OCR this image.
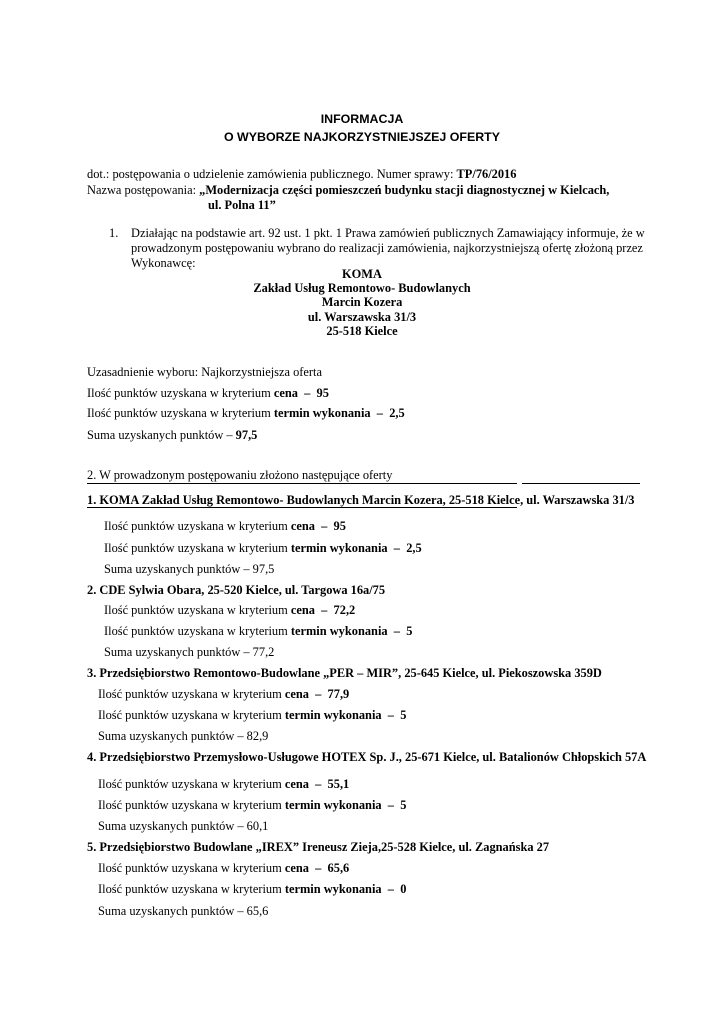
INFORMACJA
O WYBORZE NAJKORZYSTNIEJSZEJ OFERTY
dot.: postępowania o udzielenie zamówienia publicznego. Numer sprawy: TP/76/2016
Nazwa postępowania: „Modernizacja części pomieszczeń budynku stacji diagnostycznej w Kielcach,
ul. Polna 11”
1. Działając na podstawie art. 92 ust. 1 pkt. 1 Prawa zamówień publicznych Zamawiający informuje, że w
prowadzonym postępowaniu wybrano do realizacji zamówienia, najkorzystniejszą ofertę złożoną przez
Wykonawcę:
KOMA
Zakład Usług Remontowo- Budowlanych
Marcin Kozera
ul. Warszawska 31/3
25-518 Kielce
Uzasadnienie wyboru: Najkorzystniejsza oferta
Ilość punktów uzyskana w kryterium cena  –  95
Ilość punktów uzyskana w kryterium termin wykonania  –  2,5
Suma uzyskanych punktów – 97,5
2. W prowadzonym postępowaniu złożono następujące oferty
1. KOMA Zakład Usług Remontowo- Budowlanych Marcin Kozera, 25-518 Kielce, ul. Warszawska 31/3
Ilość punktów uzyskana w kryterium cena  –  95
Ilość punktów uzyskana w kryterium termin wykonania  –  2,5
Suma uzyskanych punktów – 97,5
2. CDE Sylwia Obara, 25-520 Kielce, ul. Targowa 16a/75
Ilość punktów uzyskana w kryterium cena  –  72,2
Ilość punktów uzyskana w kryterium termin wykonania  –  5
Suma uzyskanych punktów – 77,2
3. Przedsiębiorstwo Remontowo-Budowlane „PER – MIR”, 25-645 Kielce, ul. Piekoszowska 359D
Ilość punktów uzyskana w kryterium cena  –  77,9
Ilość punktów uzyskana w kryterium termin wykonania  –  5
Suma uzyskanych punktów – 82,9
4. Przedsiębiorstwo Przemysłowo-Usługowe HOTEX Sp. J., 25-671 Kielce, ul. Batalionów Chłopskich 57A
Ilość punktów uzyskana w kryterium cena  –  55,1
Ilość punktów uzyskana w kryterium termin wykonania  –  5
Suma uzyskanych punktów – 60,1
5. Przedsiębiorstwo Budowlane „IREX” Ireneusz Zieja,25-528 Kielce, ul. Zagnańska 27
Ilość punktów uzyskana w kryterium cena  –  65,6
Ilość punktów uzyskana w kryterium termin wykonania  –  0
Suma uzyskanych punktów – 65,6
